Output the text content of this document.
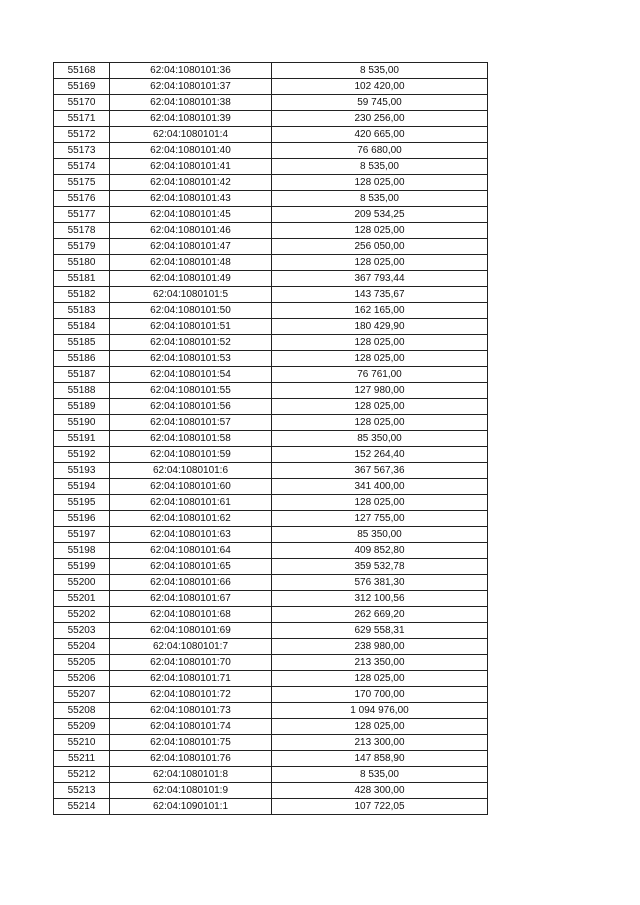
55168	62:04:1080101:36	8 535,00
55169	62:04:1080101:37	102 420,00
55170	62:04:1080101:38	59 745,00
55171	62:04:1080101:39	230 256,00
55172	62:04:1080101:4	420 665,00
55173	62:04:1080101:40	76 680,00
55174	62:04:1080101:41	8 535,00
55175	62:04:1080101:42	128 025,00
55176	62:04:1080101:43	8 535,00
55177	62:04:1080101:45	209 534,25
55178	62:04:1080101:46	128 025,00
55179	62:04:1080101:47	256 050,00
55180	62:04:1080101:48	128 025,00
55181	62:04:1080101:49	367 793,44
55182	62:04:1080101:5	143 735,67
55183	62:04:1080101:50	162 165,00
55184	62:04:1080101:51	180 429,90
55185	62:04:1080101:52	128 025,00
55186	62:04:1080101:53	128 025,00
55187	62:04:1080101:54	76 761,00
55188	62:04:1080101:55	127 980,00
55189	62:04:1080101:56	128 025,00
55190	62:04:1080101:57	128 025,00
55191	62:04:1080101:58	85 350,00
55192	62:04:1080101:59	152 264,40
55193	62:04:1080101:6	367 567,36
55194	62:04:1080101:60	341 400,00
55195	62:04:1080101:61	128 025,00
55196	62:04:1080101:62	127 755,00
55197	62:04:1080101:63	85 350,00
55198	62:04:1080101:64	409 852,80
55199	62:04:1080101:65	359 532,78
55200	62:04:1080101:66	576 381,30
55201	62:04:1080101:67	312 100,56
55202	62:04:1080101:68	262 669,20
55203	62:04:1080101:69	629 558,31
55204	62:04:1080101:7	238 980,00
55205	62:04:1080101:70	213 350,00
55206	62:04:1080101:71	128 025,00
55207	62:04:1080101:72	170 700,00
55208	62:04:1080101:73	1 094 976,00
55209	62:04:1080101:74	128 025,00
55210	62:04:1080101:75	213 300,00
55211	62:04:1080101:76	147 858,90
55212	62:04:1080101:8	8 535,00
55213	62:04:1080101:9	428 300,00
55214	62:04:1090101:1	107 722,05
